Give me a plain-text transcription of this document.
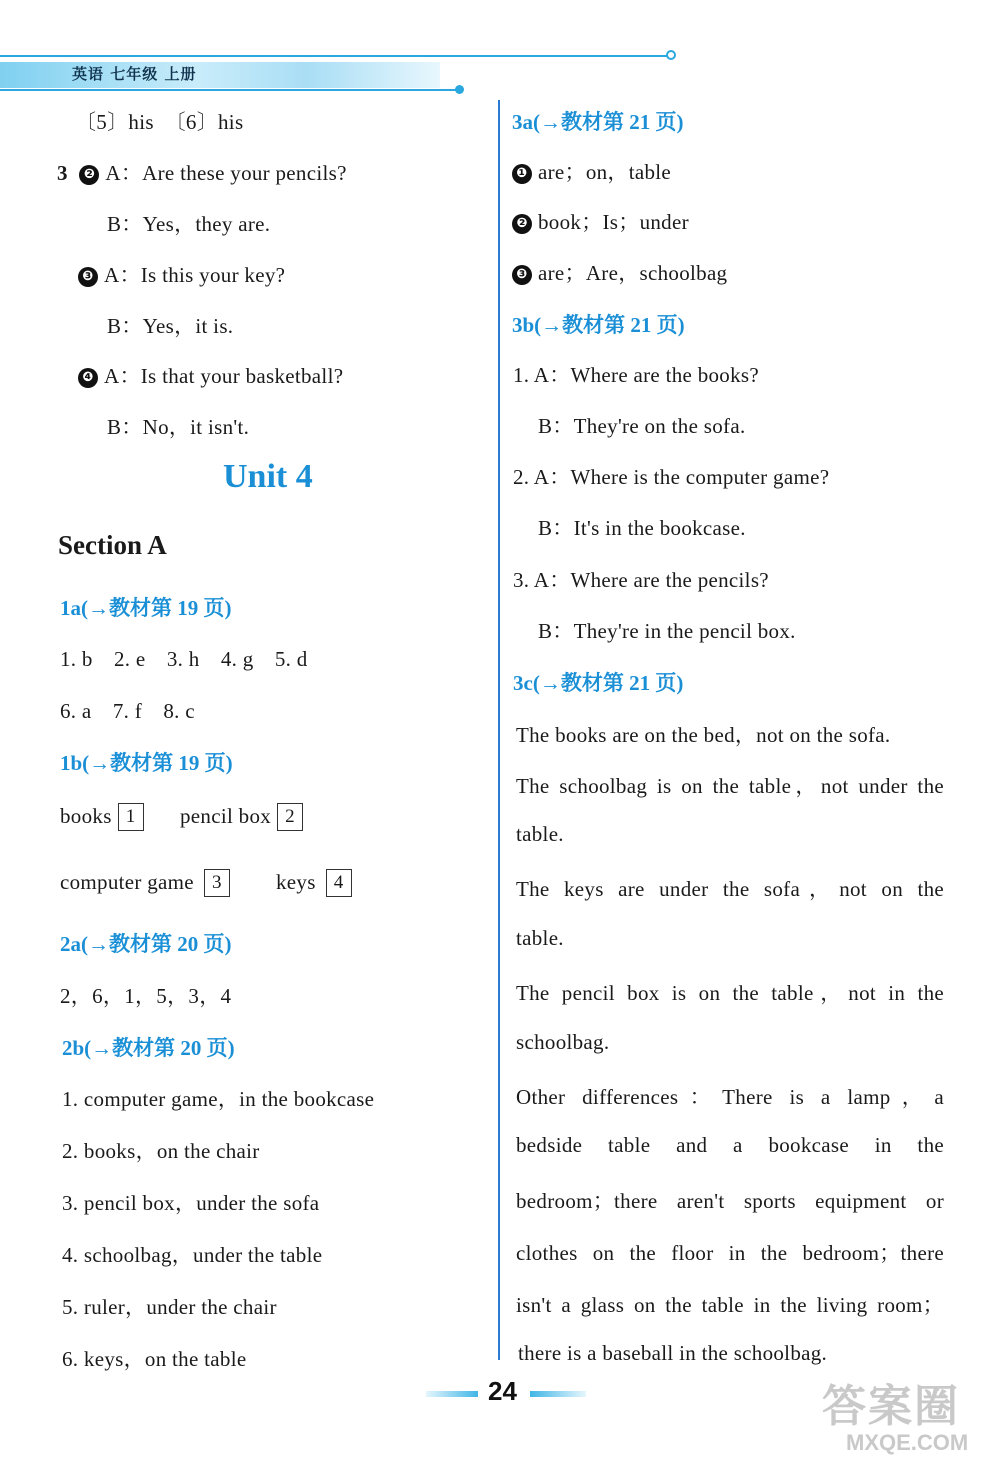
英语 七年级 上册
〔5〕his　〔6〕his
3 ❷ A：Are these your pencils?
B：Yes，they are.
❸ A：Is this your key?
B：Yes，it is.
❹ A：Is that your basketball?
B：No，it isn't.
Unit 4
Section A
1a(→教材第 19 页)
1. b　2. e　3. h　4. g　5. d
6. a　7. f　8. c
1b(→教材第 19 页)
books 1	pencil box 2
computer game 3	keys 4
2a(→教材第 20 页)
2，6，1，5，3，4
2b(→教材第 20 页)
1. computer game，in the bookcase
2. books，on the chair
3. pencil box，under the sofa
4. schoolbag，under the table
5. ruler，under the chair
6. keys，on the table
3a(→教材第 21 页)
❶ are；on，table
❷ book；Is；under
❸ are；Are，schoolbag
3b(→教材第 21 页)
1. A：Where are the books?
B：They're on the sofa.
2. A：Where is the computer game?
B：It's in the bookcase.
3. A：Where are the pencils?
B：They're in the pencil box.
3c(→教材第 21 页)
The books are on the bed，not on the sofa.
The schoolbag is on the table，not under the
table.
The keys are under the sofa，not on the
table.
The pencil box is on the table，not in the
schoolbag.
Other differences：There is a lamp，a
bedside table and a bookcase in the
bedroom；there aren't sports equipment or
clothes on the floor in the bedroom；there
isn't a glass on the table in the living room；
there is a baseball in the schoolbag.
24	答案圈
MXQE.COM
